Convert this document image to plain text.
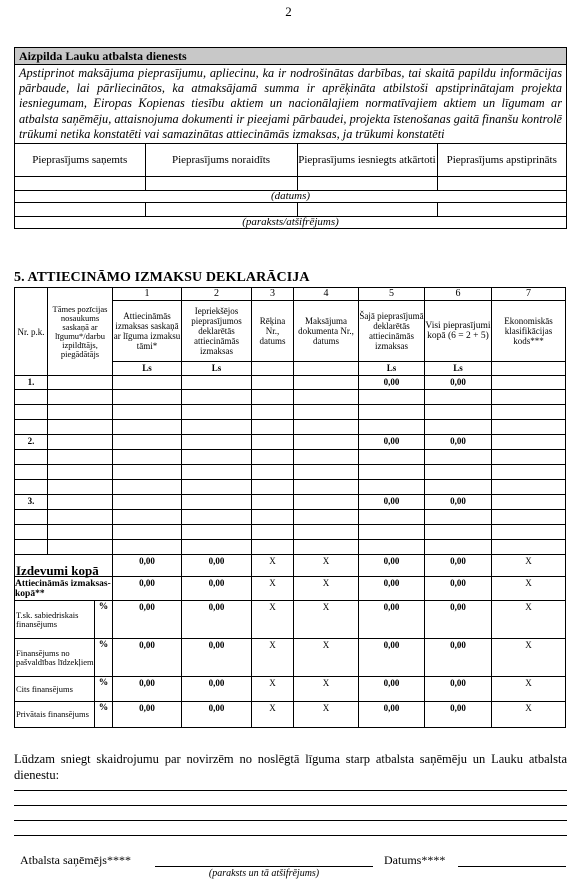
2
Aizpilda Lauku atbalsta dienests
Apstiprinot maksājuma pieprasījumu, apliecinu, ka ir nodrošinātas darbības, tai skaitā papildu informācijas pārbaude, lai pārliecinātos, ka atmaksājamā summa ir aprēķināta atbilstoši apstiprinātajam projekta iesniegumam, Eiropas Kopienas tiesību aktiem un nacionālajiem normatīvajiem aktiem un līgumam ar atbalsta saņēmēju, attaisnojuma dokumenti ir pieejami pārbaudei, projekta īstenošanas gaitā finanšu kontrolē trūkumi netika konstatēti vai samazinātas attiecināmās izmaksas, ja trūkumi konstatēti
Pieprasījums saņemts	Pieprasījums noraidīts	Pieprasījums iesniegts atkārtoti	Pieprasījums apstiprināts

(datums)			

(paraksts/atšifrējums)			
5. ATTIECINĀMO IZMAKSU DEKLARĀCIJA
Nr. p.k.	Tāmes pozīcijas nosaukums saskaņā ar līgumu*/darbu izpildītājs, piegādātājs		1	2	3	4	5	6	7
			Attiecināmās izmaksas saskaņā ar līguma izmaksu tāmi*	Iepriekšējos pieprasījumos deklarētās attiecināmās izmaksas	Rēķina Nr., datums	Maksājuma dokumenta Nr., datums	Šajā pieprasījumā deklarētās attiecināmās izmaksas	Visi pieprasījumi kopā (6 = 2 + 5)	Ekonomiskās klasifikācijas kods***
			Ls	Ls			Ls	Ls	
1.							0,00	0,00	

2.							0,00	0,00	

3.							0,00	0,00	

Izdevumi kopā			0,00	0,00	X	X	0,00	0,00	X
Attiecināmās izmaksas-kopā**			0,00	0,00	X	X	0,00	0,00	X
T.sk. sabiedriskais finansējums		%	0,00	0,00	X	X	0,00	0,00	X
Finansējums no pašvaldības līdzekļiem		%	0,00	0,00	X	X	0,00	0,00	X
Cits finansējums		%	0,00	0,00	X	X	0,00	0,00	X
Privātais finansējums		%	0,00	0,00	X	X	0,00	0,00	X
Lūdzam sniegt skaidrojumu par novirzēm no noslēgtā līguma starp atbalsta saņēmēju un Lauku atbalsta dienestu:
Atbalsta saņēmējs****	Datums****
(paraksts un tā atšifrējums)
